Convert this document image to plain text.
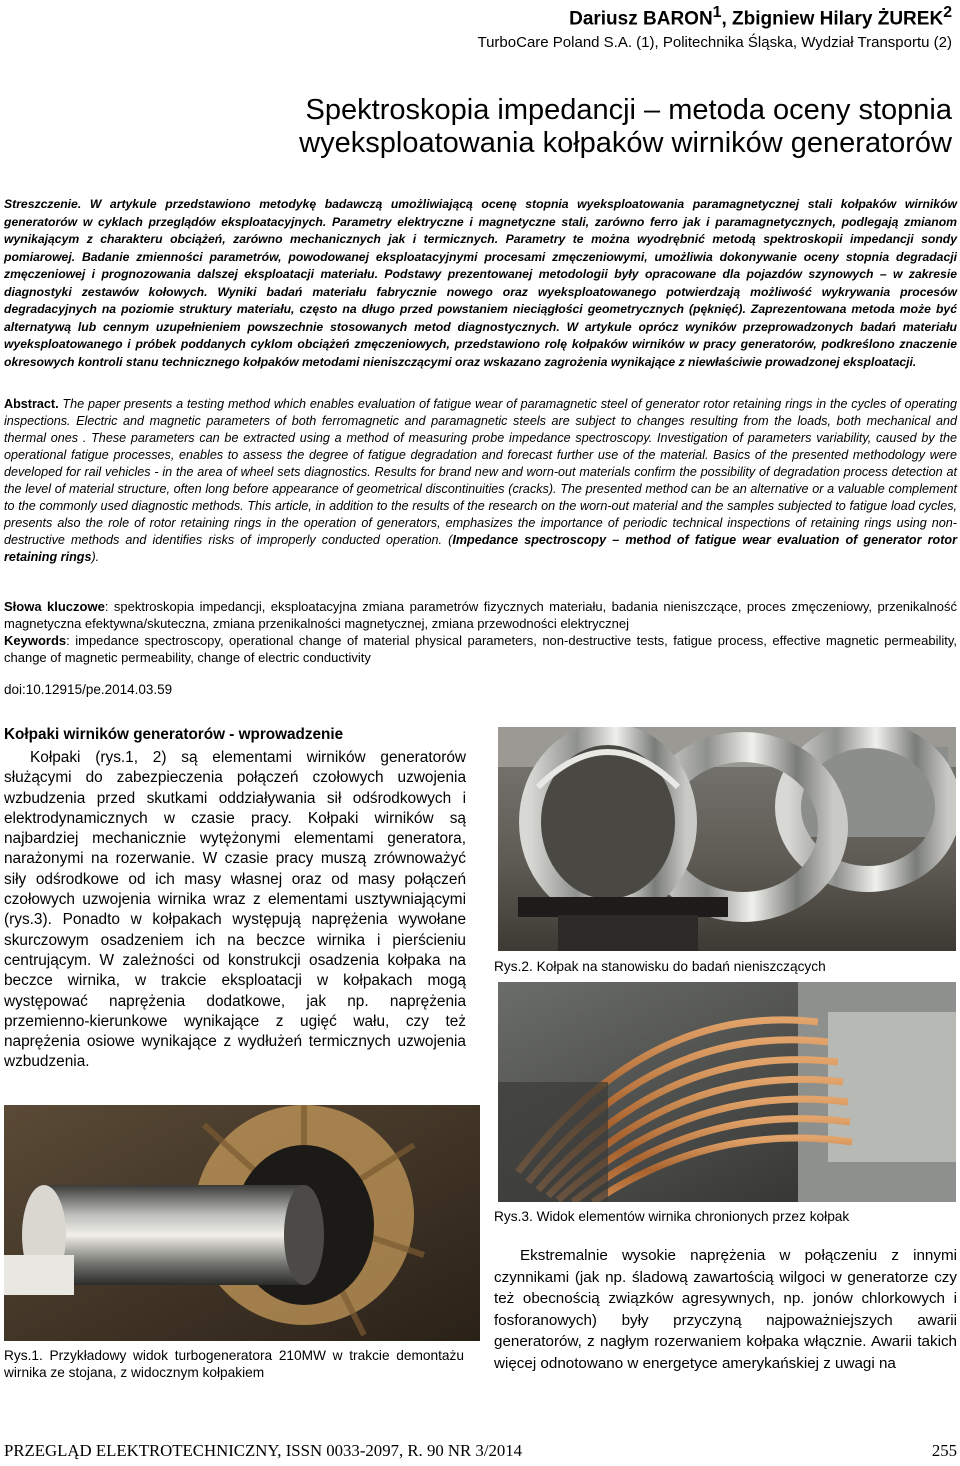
Dariusz BARON$^1$, Zbigniew Hilary ŻUREK$^2$
TurboCare Poland S.A. (1), Politechnika Śląska, Wydział Transportu (2)
Spektroskopia impedancji – metoda oceny stopnia
wyeksploatowania kołpaków wirników generatorów
Streszczenie. W artykule przedstawiono metodykę badawczą umożliwiającą ocenę stopnia wyeksploatowania paramagnetycznej stali kołpaków wirników generatorów w cyklach przeglądów eksploatacyjnych. Parametry elektryczne i magnetyczne stali, zarówno ferro jak i paramagnetycznych, podlegają zmianom wynikającym z charakteru obciążeń, zarówno mechanicznych jak i termicznych. Parametry te można wyodrębnić metodą spektroskopii impedancji sondy pomiarowej. Badanie zmienności parametrów, powodowanej eksploatacyjnymi procesami zmęczeniowymi, umożliwia dokonywanie oceny stopnia degradacji zmęczeniowej i prognozowania dalszej eksploatacji materiału. Podstawy prezentowanej metodologii były opracowane dla pojazdów szynowych – w zakresie diagnostyki zestawów kołowych. Wyniki badań materiału fabrycznie nowego oraz wyeksploatowanego potwierdzają możliwość wykrywania procesów degradacyjnych na poziomie struktury materiału, często na długo przed powstaniem nieciągłości geometrycznych (pęknięć). Zaprezentowana metoda może być alternatywą lub cennym uzupełnieniem powszechnie stosowanych metod diagnostycznych. W artykule oprócz wyników przeprowadzonych badań materiału wyeksploatowanego i próbek poddanych cyklom obciążeń zmęczeniowych, przedstawiono rolę kołpaków wirników w pracy generatorów, podkreślono znaczenie okresowych kontroli stanu technicznego kołpaków metodami nieniszczącymi oraz wskazano zagrożenia wynikające z niewłaściwie prowadzonej eksploatacji.
Abstract. The paper presents a testing method which enables evaluation of fatigue wear of paramagnetic steel of generator rotor retaining rings in the cycles of operating inspections. Electric and magnetic parameters of both ferromagnetic and paramagnetic steels are subject to changes resulting from the loads, both mechanical and thermal ones . These parameters can be extracted using a method of measuring probe impedance spectroscopy. Investigation of parameters variability, caused by the operational fatigue processes, enables to assess the degree of fatigue degradation and forecast further use of the material. Basics of the presented methodology were developed for rail vehicles - in the area of wheel sets diagnostics. Results for brand new and worn-out materials confirm the possibility of degradation process detection at the level of material structure, often long before appearance of geometrical discontinuities (cracks). The presented method can be an alternative or a valuable complement to the commonly used diagnostic methods. This article, in addition to the results of the research on the worn-out material and the samples subjected to fatigue load cycles, presents also the role of rotor retaining rings in the operation of generators, emphasizes the importance of periodic technical inspections of retaining rings using non-destructive methods and identifies risks of improperly conducted operation. (Impedance spectroscopy – method of fatigue wear evaluation of generator rotor retaining rings).
Słowa kluczowe: spektroskopia impedancji, eksploatacyjna zmiana parametrów fizycznych materiału, badania nieniszczące, proces zmęczeniowy, przenikalność magnetyczna efektywna/skuteczna, zmiana przenikalności magnetycznej, zmiana przewodności elektrycznej
Keywords: impedance spectroscopy, operational change of material physical parameters, non-destructive tests, fatigue process, effective magnetic permeability, change of magnetic permeability, change of electric conductivity
doi:10.12915/pe.2014.03.59
Kołpaki wirników generatorów - wprowadzenie

Kołpaki (rys.1, 2) są elementami wirników generatorów służącymi do zabezpieczenia połączeń czołowych uzwojenia wzbudzenia przed skutkami oddziaływania sił odśrodkowych i elektrodynamicznych w czasie pracy. Kołpaki wirników są najbardziej mechanicznie wytężonymi elementami generatora, narażonymi na rozerwanie. W czasie pracy muszą zrównoważyć siły odśrodkowe od ich masy własnej oraz od masy połączeń czołowych uzwojenia wirnika wraz z elementami usztywniającymi (rys.3). Ponadto w kołpakach występują naprężenia wywołane skurczowym osadzeniem ich na beczce wirnika i pierścieniu centrującym. W zależności od konstrukcji osadzenia kołpaka na beczce wirnika, w trakcie eksploatacji w kołpakach mogą występować naprężenia dodatkowe, jak np. naprężenia przemienno-kierunkowe wynikające z ugięć wału, czy też naprężenia osiowe wynikające z wydłużeń termicznych uzwojenia wzbudzenia.

Rys.2. Kołpak na stanowisku do badań nieniszczących
Rys.3. Widok elementów wirnika chronionych przez kołpak
Rys.1. Przykładowy widok turbogeneratora 210MW w trakcie demontażu wirnika ze stojana, z widocznym kołpakiem

Ekstremalnie wysokie naprężenia w połączeniu z innymi czynnikami (jak np. śladową zawartością wilgoci w generatorze czy też obecnością związków agresywnych, np. jonów chlorkowych i fosforanowych) były przyczyną najpoważniejszych awarii generatorów, z nagłym rozerwaniem kołpaka włącznie. Awarii takich więcej odnotowano w energetyce amerykańskiej z uwagi na

PRZEGLĄD ELEKTROTECHNICZNY, ISSN 0033-2097, R. 90 NR 3/2014	255
